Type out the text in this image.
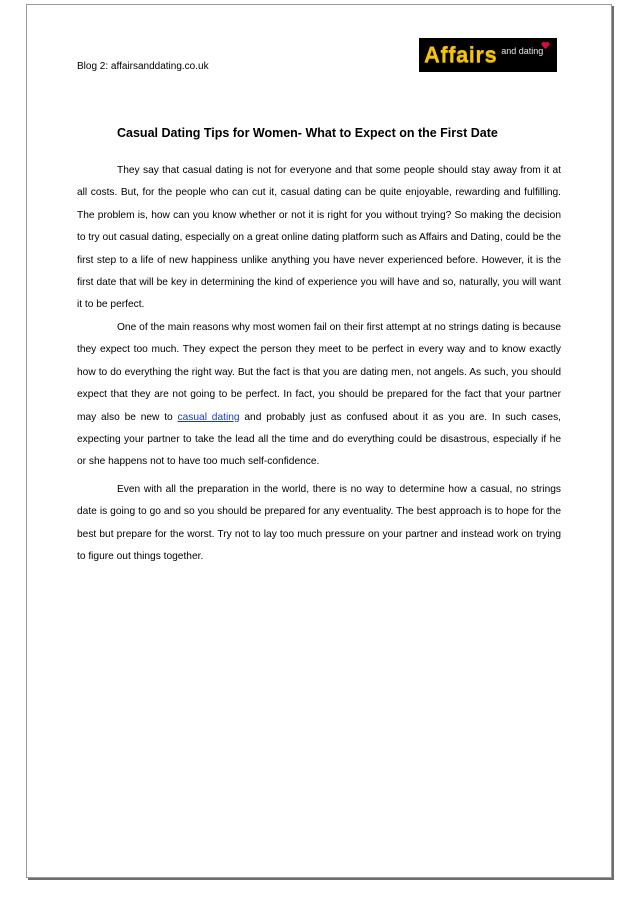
Blog 2: affairsanddating.co.uk	Affairs and dating
Casual Dating Tips for Women- What to Expect on the First Date

They say that casual dating is not for everyone and that some people should stay away from it at all costs. But, for the people who can cut it, casual dating can be quite enjoyable, rewarding and fulfilling. The problem is, how can you know whether or not it is right for you without trying? So making the decision to try out casual dating, especially on a great online dating platform such as Affairs and Dating, could be the first step to a life of new happiness unlike anything you have never experienced before. However, it is the first date that will be key in determining the kind of experience you will have and so, naturally, you will want it to be perfect.

One of the main reasons why most women fail on their first attempt at no strings dating is because they expect too much. They expect the person they meet to be perfect in every way and to know exactly how to do everything the right way. But the fact is that you are dating men, not angels. As such, you should expect that they are not going to be perfect. In fact, you should be prepared for the fact that your partner may also be new to casual dating and probably just as confused about it as you are. In such cases, expecting your partner to take the lead all the time and do everything could be disastrous, especially if he or she happens not to have too much self-confidence.

Even with all the preparation in the world, there is no way to determine how a casual, no strings date is going to go and so you should be prepared for any eventuality. The best approach is to hope for the best but prepare for the worst. Try not to lay too much pressure on your partner and instead work on trying to figure out things together.
